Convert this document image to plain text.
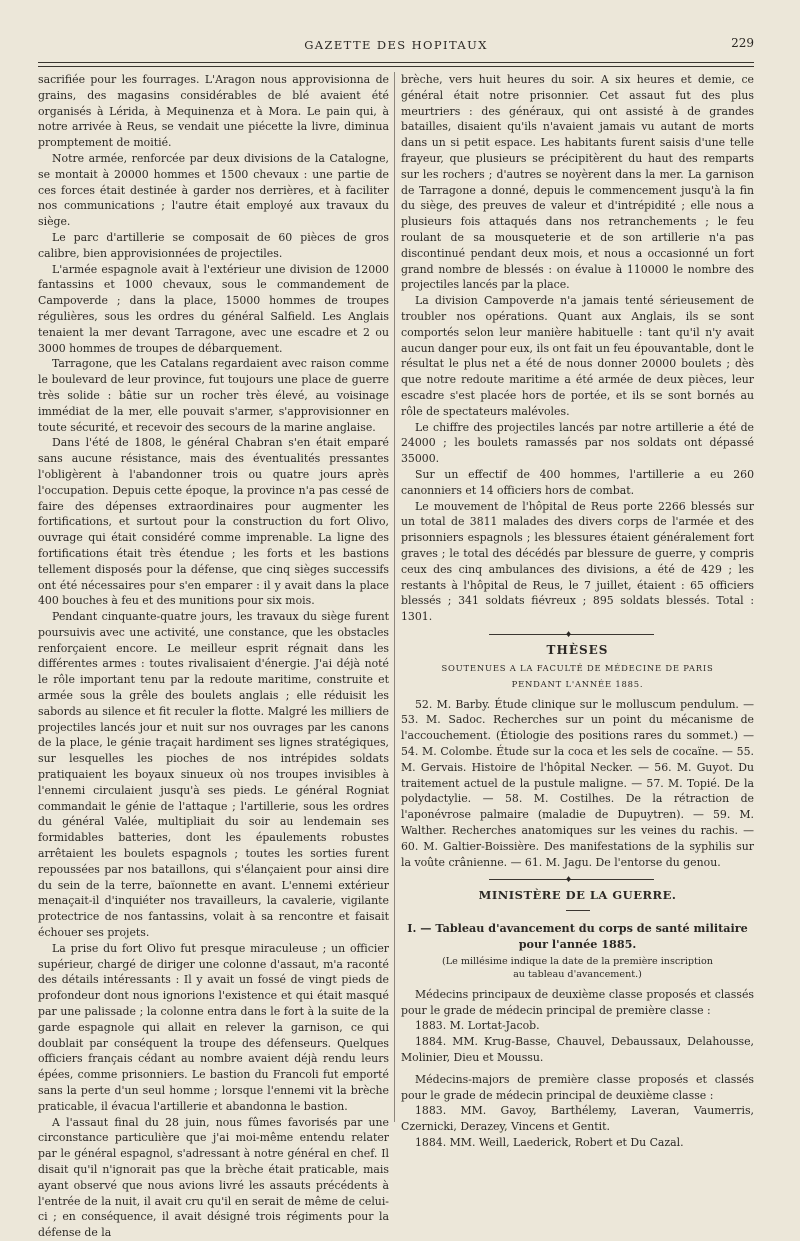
GAZETTE DES HOPITAUX	229

sacrifiée pour les fourrages. L'Aragon nous approvisionna de grains, des magasins considérables de blé avaient été organisés à Lérida, à Mequinenza et à Mora. Le pain qui, à notre arrivée à Reus, se vendait une piécette la livre, diminua promptement de moitié.

Notre armée, renforcée par deux divisions de la Catalogne, se montait à 20000 hommes et 1500 chevaux : une partie de ces forces était destinée à garder nos derrières, et à faciliter nos communications ; l'autre était employé aux travaux du siège.

Le parc d'artillerie se composait de 60 pièces de gros calibre, bien approvisionnées de projectiles.

L'armée espagnole avait à l'extérieur une division de 12000 fantassins et 1000 chevaux, sous le commandement de Campoverde ; dans la place, 15000 hommes de troupes régulières, sous les ordres du général Salfield. Les Anglais tenaient la mer devant Tarragone, avec une escadre et 2 ou 3000 hommes de troupes de débarquement.

Tarragone, que les Catalans regardaient avec raison comme le boulevard de leur province, fut toujours une place de guerre très solide : bâtie sur un rocher très élevé, au voisinage immédiat de la mer, elle pouvait s'armer, s'approvisionner en toute sécurité, et recevoir des secours de la marine anglaise.

Dans l'été de 1808, le général Chabran s'en était emparé sans aucune résistance, mais des éventualités pressantes l'obligèrent à l'abandonner trois ou quatre jours après l'occupation. Depuis cette époque, la province n'a pas cessé de faire des dépenses extraordinaires pour augmenter les fortifications, et surtout pour la construction du fort Olivo, ouvrage qui était considéré comme imprenable. La ligne des fortifications était très étendue ; les forts et les bastions tellement disposés pour la défense, que cinq sièges successifs ont été nécessaires pour s'en emparer : il y avait dans la place 400 bouches à feu et des munitions pour six mois.

Pendant cinquante-quatre jours, les travaux du siège furent poursuivis avec une activité, une constance, que les obstacles renforçaient encore. Le meilleur esprit régnait dans les différentes armes : toutes rivalisaient d'énergie. J'ai déjà noté le rôle important tenu par la redoute maritime, construite et armée sous la grêle des boulets anglais ; elle réduisit les sabords au silence et fit reculer la flotte. Malgré les milliers de projectiles lancés jour et nuit sur nos ouvrages par les canons de la place, le génie traçait hardiment ses lignes stratégiques, sur lesquelles les pioches de nos intrépides soldats pratiquaient les boyaux sinueux où nos troupes invisibles à l'ennemi circulaient jusqu'à ses pieds. Le général Rogniat commandait le génie de l'attaque ; l'artillerie, sous les ordres du général Valée, multipliait du soir au lendemain ses formidables batteries, dont les épaulements robustes arrêtaient les boulets espagnols ; toutes les sorties furent repoussées par nos bataillons, qui s'élançaient pour ainsi dire du sein de la terre, baïonnette en avant. L'ennemi extérieur menaçait-il d'inquiéter nos travailleurs, la cavalerie, vigilante protectrice de nos fantassins, volait à sa rencontre et faisait échouer ses projets.

La prise du fort Olivo fut presque miraculeuse ; un officier supérieur, chargé de diriger une colonne d'assaut, m'a raconté des détails intéressants : Il y avait un fossé de vingt pieds de profondeur dont nous ignorions l'existence et qui était masqué par une palissade ; la colonne entra dans le fort à la suite de la garde espagnole qui allait en relever la garnison, ce qui doublait par conséquent la troupe des défenseurs. Quelques officiers français cédant au nombre avaient déjà rendu leurs épées, comme prisonniers. Le bastion du Francoli fut emporté sans la perte d'un seul homme ; lorsque l'ennemi vit la brèche praticable, il évacua l'artillerie et abandonna le bastion.

A l'assaut final du 28 juin, nous fûmes favorisés par une circonstance particulière que j'ai moi-même entendu relater par le général espagnol, s'adressant à notre général en chef. Il disait qu'il n'ignorait pas que la brèche était praticable, mais ayant observé que nous avions livré les assauts précédents à l'entrée de la nuit, il avait cru qu'il en serait de même de celui-ci ; en conséquence, il avait désigné trois régiments pour la défense de la

brèche, vers huit heures du soir. A six heures et demie, ce général était notre prisonnier. Cet assaut fut des plus meurtriers : des généraux, qui ont assisté à de grandes batailles, disaient qu'ils n'avaient jamais vu autant de morts dans un si petit espace. Les habitants furent saisis d'une telle frayeur, que plusieurs se précipitèrent du haut des remparts sur les rochers ; d'autres se noyèrent dans la mer. La garnison de Tarragone a donné, depuis le commencement jusqu'à la fin du siège, des preuves de valeur et d'intrépidité ; elle nous a plusieurs fois attaqués dans nos retranchements ; le feu roulant de sa mousqueterie et de son artillerie n'a pas discontinué pendant deux mois, et nous a occasionné un fort grand nombre de blessés : on évalue à 110000 le nombre des projectiles lancés par la place.

La division Campoverde n'a jamais tenté sérieusement de troubler nos opérations. Quant aux Anglais, ils se sont comportés selon leur manière habituelle : tant qu'il n'y avait aucun danger pour eux, ils ont fait un feu épouvantable, dont le résultat le plus net a été de nous donner 20000 boulets ; dès que notre redoute maritime a été armée de deux pièces, leur escadre s'est placée hors de portée, et ils se sont bornés au rôle de spectateurs malévoles.

Le chiffre des projectiles lancés par notre artillerie a été de 24000 ; les boulets ramassés par nos soldats ont dépassé 35000.

Sur un effectif de 400 hommes, l'artillerie a eu 260 canonniers et 14 officiers hors de combat.

Le mouvement de l'hôpital de Reus porte 2266 blessés sur un total de 3811 malades des divers corps de l'armée et des prisonniers espagnols ; les blessures étaient généralement fort graves ; le total des décédés par blessure de guerre, y compris ceux des cinq ambulances des divisions, a été de 429 ; les restants à l'hôpital de Reus, le 7 juillet, étaient : 65 officiers blessés ; 341 soldats fiévreux ; 895 soldats blessés. Total : 1301.

♦

THÈSES

SOUTENUES A LA FACULTÉ DE MÉDECINE DE PARIS

PENDANT L'ANNÉE 1885.

52. M. Barby. Étude clinique sur le molluscum pendulum. — 53. M. Sadoc. Recherches sur un point du mécanisme de l'accouchement. (Étiologie des positions rares du sommet.) — 54. M. Colombe. Étude sur la coca et les sels de cocaïne. — 55. M. Gervais. Histoire de l'hôpital Necker. — 56. M. Guyot. Du traitement actuel de la pustule maligne. — 57. M. Topié. De la polydactylie. — 58. M. Costilhes. De la rétraction de l'aponévrose palmaire (maladie de Dupuytren). — 59. M. Walther. Recherches anatomiques sur les veines du rachis. — 60. M. Galtier-Boissière. Des manifestations de la syphilis sur la voûte crânienne. — 61. M. Jagu. De l'entorse du genou.

♦

MINISTÈRE DE LA GUERRE.

I. — Tableau d'avancement du corps de santé militaire

pour l'année 1885.

(Le millésime indique la date de la première inscription

au tableau d'avancement.)

Médecins principaux de deuxième classe proposés et classés pour le grade de médecin principal de première classe :

1883. M. Lortat-Jacob.

1884. MM. Krug-Basse, Chauvel, Debaussaux, Delahousse, Molinier, Dieu et Moussu.

Médecins-majors de première classe proposés et classés pour le grade de médecin principal de deuxième classe :

1883. MM. Gavoy, Barthélemy, Laveran, Vaumerris, Czernicki, Derazey, Vincens et Gentit.

1884. MM. Weill, Laederick, Robert et Du Cazal.
